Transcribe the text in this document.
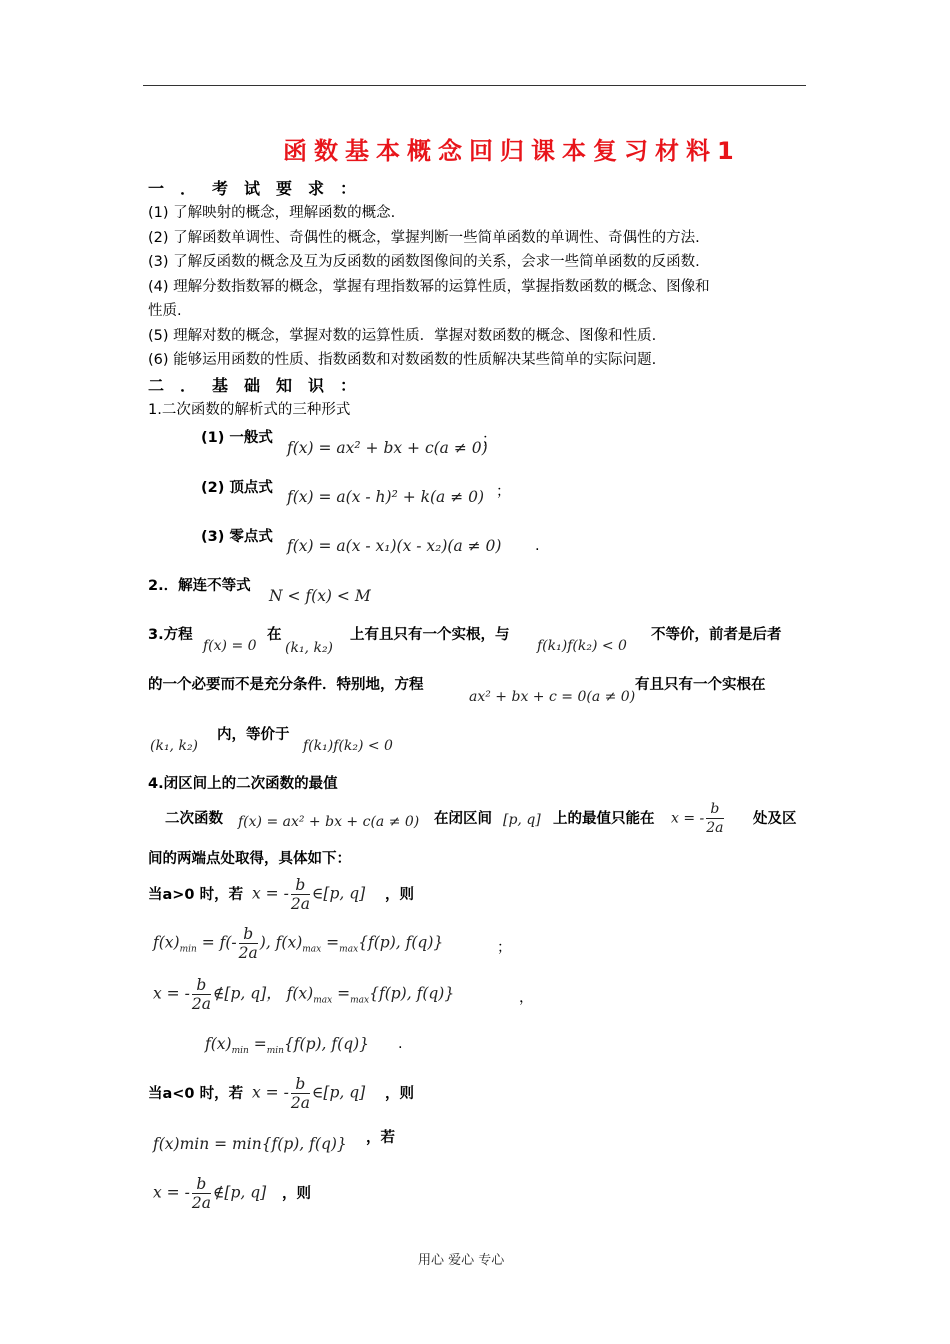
函数基本概念回归课本复习材料1
一．考试要求：
(1) 了解映射的概念，理解函数的概念.
(2) 了解函数单调性、奇偶性的概念，掌握判断一些简单函数的单调性、奇偶性的方法.
(3) 了解反函数的概念及互为反函数的函数图像间的关系，会求一些简单函数的反函数.
(4) 理解分数指数幂的概念，掌握有理指数幂的运算性质，掌握指数函数的概念、图像和
性质.
(5) 理解对数的概念，掌握对数的运算性质．掌握对数函数的概念、图像和性质.
(6) 能够运用函数的性质、指数函数和对数函数的性质解决某些简单的实际问题.
二．基础知识：
1.二次函数的解析式的三种形式
(1) 一般式
f(x) = ax² + bx + c(a ≠ 0)
；
(2) 顶点式 f(x) = a(x - h)² + k(a ≠ 0) ；
(3) 零点式 f(x) = a(x - x₁)(x - x₂)(a ≠ 0) .
2.．解连不等式
N < f(x) < M
3.方程
f(x) = 0
在
(k₁, k₂)
上有且只有一个实根，与
f(k₁)f(k₂) < 0
不等价，前者是后者
的一个必要而不是充分条件．特别地，方程
ax² + bx + c = 0(a ≠ 0)
有且只有一个实根在
(k₁, k₂)
内，等价于
f(k₁)f(k₂) < 0
4.闭区间上的二次函数的最值
二次函数 f(x) = ax² + bx + c(a ≠ 0) 在闭区间 [p, q] 上的最值只能在 x = - $\frac{b}{2a}$ 处及区
间的两端点处取得，具体如下：
当a>0 时，若 x = - $\frac{b}{2a}$ ∈[p, q] ，则
$f(x)_{min} = f(- \frac{b}{2a}$ ), $f(x)_{max} =_{max}\{f(p)$, f(q)}	；
x = - $\frac{b}{2a}$ ∉[p, q]， $f(x)_{max} =_{max}\{f(p)$, f(q)}	，
$f(x)_{min} =_{min}\{f(p)$, f(q)} .
当a<0 时，若 x = - $\frac{b}{2a}$ ∈[p, q] ，则
f(x)min = min{f(p), f(q)} ，若
x = - $\frac{b}{2a}$ ∉[p, q] ，则
用心 爱心 专心
